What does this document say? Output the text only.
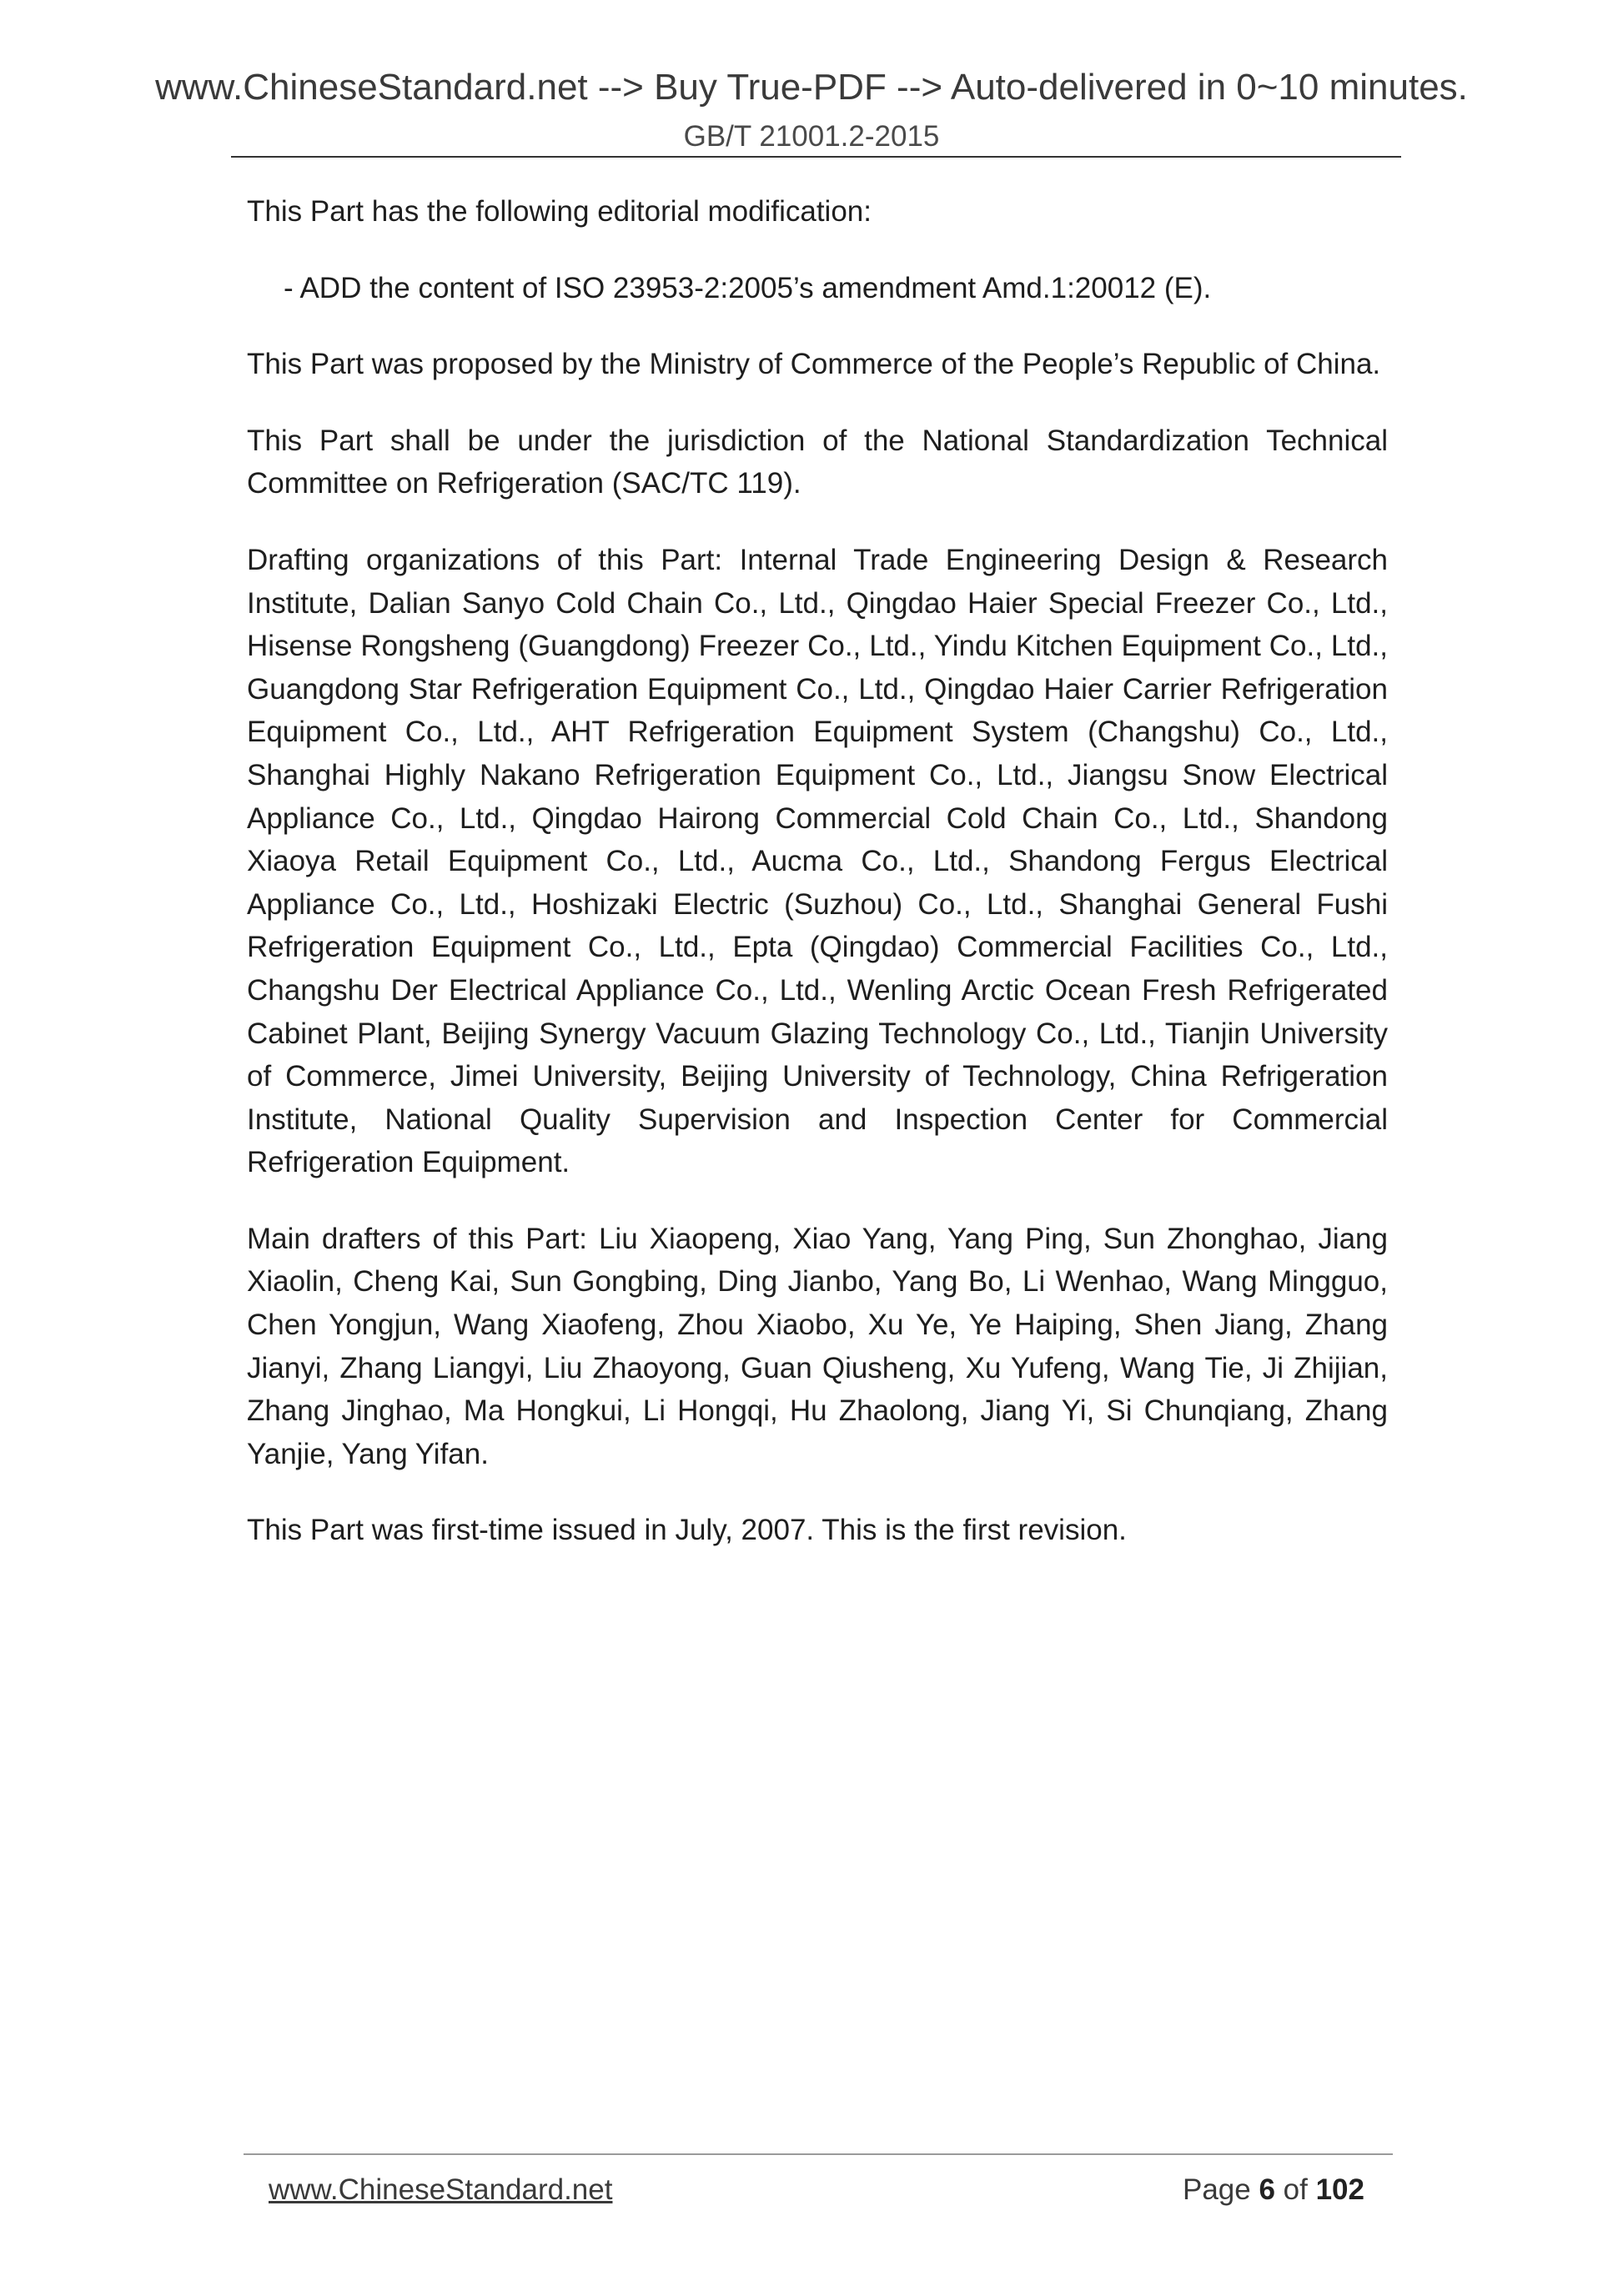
www.ChineseStandard.net --> Buy True-PDF --> Auto-delivered in 0~10 minutes.
GB/T 21001.2-2015

This Part has the following editorial modification:

- ADD the content of ISO 23953-2:2005’s amendment Amd.1:20012 (E).

This Part was proposed by the Ministry of Commerce of the People’s Republic of China.

This Part shall be under the jurisdiction of the National Standardization Technical Committee on Refrigeration (SAC/TC 119).

Drafting organizations of this Part: Internal Trade Engineering Design & Research Institute, Dalian Sanyo Cold Chain Co., Ltd., Qingdao Haier Special Freezer Co., Ltd., Hisense Rongsheng (Guangdong) Freezer Co., Ltd., Yindu Kitchen Equipment Co., Ltd., Guangdong Star Refrigeration Equipment Co., Ltd., Qingdao Haier Carrier Refrigeration Equipment Co., Ltd., AHT Refrigeration Equipment System (Changshu) Co., Ltd., Shanghai Highly Nakano Refrigeration Equipment Co., Ltd., Jiangsu Snow Electrical Appliance Co., Ltd., Qingdao Hairong Commercial Cold Chain Co., Ltd., Shandong Xiaoya Retail Equipment Co., Ltd., Aucma Co., Ltd., Shandong Fergus Electrical Appliance Co., Ltd., Hoshizaki Electric (Suzhou) Co., Ltd., Shanghai General Fushi Refrigeration Equipment Co., Ltd., Epta (Qingdao) Commercial Facilities Co., Ltd., Changshu Der Electrical Appliance Co., Ltd., Wenling Arctic Ocean Fresh Refrigerated Cabinet Plant, Beijing Synergy Vacuum Glazing Technology Co., Ltd., Tianjin University of Commerce, Jimei University, Beijing University of Technology, China Refrigeration Institute, National Quality Supervision and Inspection Center for Commercial Refrigeration Equipment.

Main drafters of this Part: Liu Xiaopeng, Xiao Yang, Yang Ping, Sun Zhonghao, Jiang Xiaolin, Cheng Kai, Sun Gongbing, Ding Jianbo, Yang Bo, Li Wenhao, Wang Mingguo, Chen Yongjun, Wang Xiaofeng, Zhou Xiaobo, Xu Ye, Ye Haiping, Shen Jiang, Zhang Jianyi, Zhang Liangyi, Liu Zhaoyong, Guan Qiusheng, Xu Yufeng, Wang Tie, Ji Zhijian, Zhang Jinghao, Ma Hongkui, Li Hongqi, Hu Zhaolong, Jiang Yi, Si Chunqiang, Zhang Yanjie, Yang Yifan.

This Part was first-time issued in July, 2007. This is the first revision.

www.ChineseStandard.net	Page 6 of 102
